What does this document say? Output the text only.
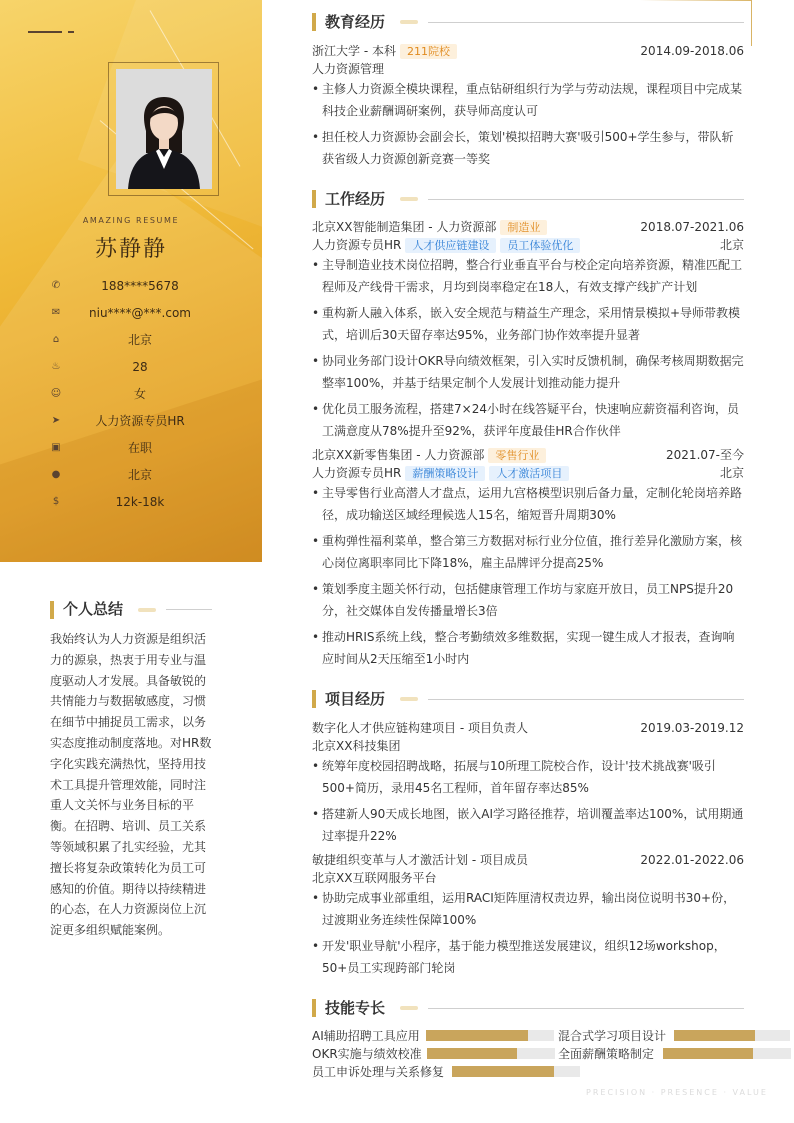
AMAZING RESUME
苏静静
✆	188****5678
✉	niu****@***.com
⌂	北京
♨	28
☺	女
➤	人力资源专员HR
▣	在职
●	北京
$	12k-18k
个人总结
我始终认为人力资源是组织活力的源泉，热衷于用专业与温度驱动人才发展。具备敏锐的共情能力与数据敏感度，习惯在细节中捕捉员工需求，以务实态度推动制度落地。对HR数字化实践充满热忱，坚持用技术工具提升管理效能，同时注重人文关怀与业务目标的平衡。在招聘、培训、员工关系等领域积累了扎实经验，尤其擅长将复杂政策转化为员工可感知的价值。期待以持续精进的心态，在人力资源岗位上沉淀更多组织赋能案例。
教育经历
浙江大学 - 本科 211院校	2014.09-2018.06
人力资源管理
• 主修人力资源全模块课程，重点钻研组织行为学与劳动法规，课程项目中完成某科技企业薪酬调研案例，获导师高度认可
• 担任校人力资源协会副会长，策划'模拟招聘大赛'吸引500+学生参与，带队斩获省级人力资源创新竞赛一等奖
工作经历
北京XX智能制造集团 - 人力资源部 制造业	2018.07-2021.06
人力资源专员HR 人才供应链建设 员工体验优化	北京
• 主导制造业技术岗位招聘，整合行业垂直平台与校企定向培养资源，精准匹配工程师及产线骨干需求，月均到岗率稳定在18人，有效支撑产线扩产计划
• 重构新人融入体系，嵌入安全规范与精益生产理念，采用情景模拟+导师带教模式，培训后30天留存率达95%，业务部门协作效率提升显著
• 协同业务部门设计OKR导向绩效框架，引入实时反馈机制，确保考核周期数据完整率100%，并基于结果定制个人发展计划推动能力提升
• 优化员工服务流程，搭建7×24小时在线答疑平台，快速响应薪资福利咨询，员工满意度从78%提升至92%，获评年度最佳HR合作伙伴
北京XX新零售集团 - 人力资源部 零售行业	2021.07-至今
人力资源专员HR 薪酬策略设计 人才激活项目	北京
• 主导零售行业高潜人才盘点，运用九宫格模型识别后备力量，定制化轮岗培养路径，成功输送区域经理候选人15名，缩短晋升周期30%
• 重构弹性福利菜单，整合第三方数据对标行业分位值，推行差异化激励方案，核心岗位离职率同比下降18%，雇主品牌评分提高25%
• 策划季度主题关怀行动，包括健康管理工作坊与家庭开放日，员工NPS提升20分，社交媒体自发传播量增长3倍
• 推动HRIS系统上线，整合考勤绩效多维数据，实现一键生成人才报表，查询响应时间从2天压缩至1小时内
项目经历
数字化人才供应链构建项目 - 项目负责人	2019.03-2019.12
北京XX科技集团
• 统筹年度校园招聘战略，拓展与10所理工院校合作，设计'技术挑战赛'吸引500+简历，录用45名工程师，首年留存率达85%
• 搭建新人90天成长地图，嵌入AI学习路径推荐，培训覆盖率达100%，试用期通过率提升22%
敏捷组织变革与人才激活计划 - 项目成员	2022.01-2022.06
北京XX互联网服务平台
• 协助完成事业部重组，运用RACI矩阵厘清权责边界，输出岗位说明书30+份，过渡期业务连续性保障100%
• 开发'职业导航'小程序，基于能力模型推送发展建议，组织12场workshop，50+员工实现跨部门轮岗
技能专长
AI辅助招聘工具应用	混合式学习项目设计
OKR实施与绩效校准	全面薪酬策略制定
员工申诉处理与关系修复
PRECISION · PRESENCE · VALUE
